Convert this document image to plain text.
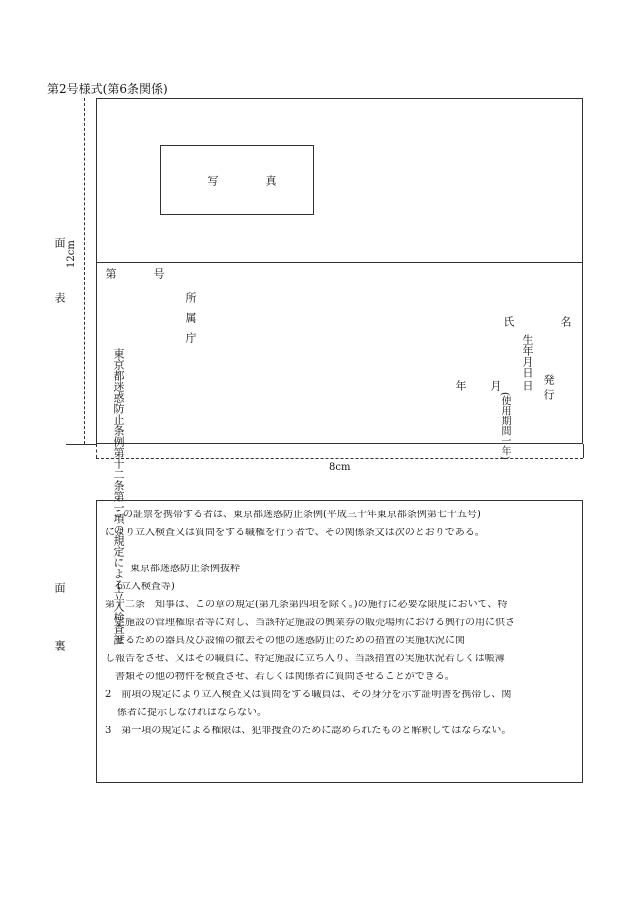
第2号様式(第6条関係)
表
面 12cm
写	真
第	号
所属庁	氏	名
生年月日
東京都迷惑防止条例第十二条第一項の規定による立入検査証	年 月 日 発行
(使用期間一年)
8cm
裏
面
この証票を携帯する者は、東京都迷惑防止条例(平成三十年東京都条例第七十五号)
により立入検査又は質問をする職権を行う者で、その関係条文は次のとおりである。
東京都迷惑防止条例抜粋
(立入検査等)
第十二条　知事は、この章の規定(第九条第四項を除く。)の施行に必要な限度において、特
定施設の管理権原者等に対し、当該特定施設の興業券の販売場所における興行の用に供さ
せるための器具及び設備の撤去その他の迷惑防止のための措置の実施状況に関
し報告をさせ、又はその職員に、特定施設に立ち入り、当該措置の実施状況若しくは帳簿
書類その他の物件を検査させ、若しくは関係者に質問させることができる。
2　前項の規定により立入検査又は質問をする職員は、その身分を示す証明書を携帯し、関
係者に提示しなければならない。
3　第一項の規定による権限は、犯罪捜査のために認められたものと解釈してはならない。
